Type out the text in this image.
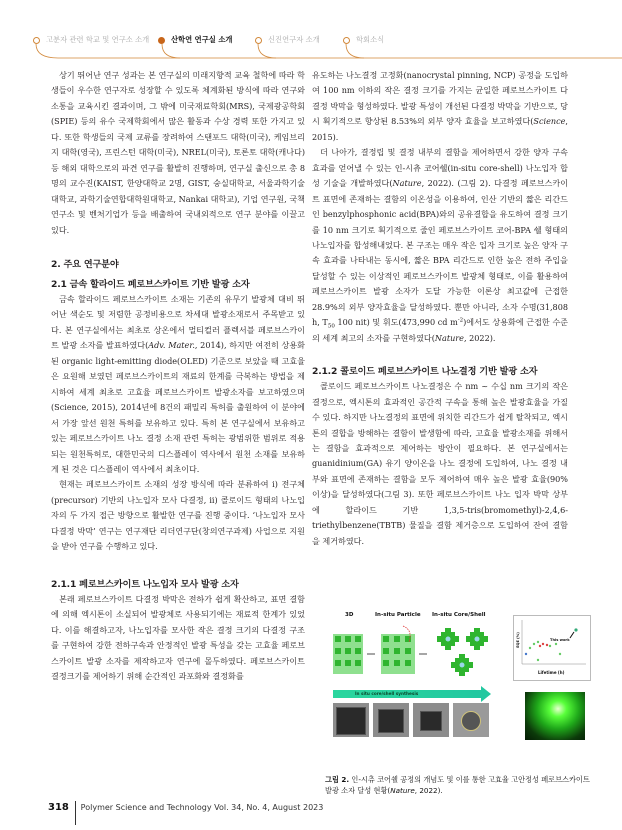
고분자 관련 학교 및 연구소 소개	산학연 연구실 소개	신진연구자 소개	학회소식

상기 뛰어난 연구 성과는 본 연구실의 미래지향적 교육 철학에 따라 학생들이 우수한 연구자로 성장할 수 있도록 체계화된 방식에 따라 연구와 소통을 교육시킨 결과이며, 그 밖에 미국재료학회(MRS), 국제광공학회(SPIE) 등의 유수 국제학회에서 많은 활동과 수상 경력 또한 가지고 있다. 또한 학생들의 국제 교류를 장려하여 스탠포드 대학(미국), 케임브리지 대학(영국), 프린스턴 대학(미국), NREL(미국), 토론토 대학(캐나다) 등 해외 대학으로의 파견 연구를 활발히 진행하며, 연구실 출신으로 총 8명의 교수진(KAIST, 한양대학교 2명, GIST, 숭실대학교, 서울과학기술대학교, 과학기술연합대학원대학교, Nankai 대학교), 기업 연구원, 국책연구소 및 벤처기업가 등을 배출하여 국내외적으로 연구 분야를 이끌고 있다.

2. 주요 연구분야
2.1 금속 할라이드 페로브스카이트 기반 발광 소자

금속 할라이드 페로브스카이트 소재는 기존의 유무기 발광체 대비 뛰어난 색순도 및 저렴한 공정비용으로 차세대 발광소재로서 주목받고 있다. 본 연구실에서는 최초로 상온에서 멀티컬러 플렉서블 페로브스카이트 발광 소자를 발표하였다(Adv. Mater., 2014), 하지만 여전히 상용화된 organic light-emitting diode(OLED) 기준으로 보았을 때 고효율은 요원해 보였던 페로브스카이트의 재료의 한계를 극복하는 방법을 제시하여 세계 최초로 고효율 페로브스카이트 발광소자를 보고하였으며(Science, 2015), 2014년에 8건의 패밀리 특허를 출원하여 이 분야에서 가장 앞선 원천 특허를 보유하고 있다. 특히 본 연구실에서 보유하고 있는 페로브스카이트 나노 결정 소재 관련 특허는 광범위한 범위로 적용되는 원천특허로, 대한민국의 디스플레이 역사에서 원천 소재를 보유하게 된 것은 디스플레이 역사에서 최초이다.

현재는 페로브스카이트 소재의 성장 방식에 따라 분류하여 i) 전구체(precursor) 기반의 나노입자 모사 다결정, ii) 콜로이드 형태의 나노입자의 두 가지 접근 방향으로 활발한 연구를 진행 중이다. ‘나노입자 모사 다결정 박막’ 연구는 연구재단 리더연구단(창의연구과제) 사업으로 지원을 받아 연구를 수행하고 있다.

2.1.1 페로브스카이트 나노입자 모사 발광 소자

본래 페로브스카이트 다결정 박막은 전하가 쉽게 확산하고, 표면 결함에 의해 엑시톤이 소실되어 발광체로 사용되기에는 재료적 한계가 있었다. 이를 해결하고자, 나노입자를 모사한 작은 결정 크기의 다결정 구조를 구현하여 강한 전하구속과 안정적인 발광 특성을 갖는 고효율 페로브스카이트 발광 소자를 제작하고자 연구에 몰두하였다. 페로브스카이트 결정크기를 제어하기 위해 순간적인 과포화와 결정화를

유도하는 나노결정 고정화(nanocrystal pinning, NCP) 공정을 도입하여 100 nm 이하의 작은 결정 크기를 가지는 균일한 페로브스카이트 다결정 박막을 형성하였다. 발광 특성이 개선된 다결정 박막을 기반으로, 당시 획기적으로 향상된 8.53%의 외부 양자 효율을 보고하였다(Science, 2015).

더 나아가, 결정립 및 결정 내부의 결함을 제어하면서 강한 양자 구속 효과를 얻어낼 수 있는 인-시츄 코어쉘(in-situ core-shell) 나노입자 합성 기술을 개발하였다(Nature, 2022). (그림 2). 다결정 페로브스카이트 표면에 존재하는 결함의 이온성을 이용하여, 인산 기반의 짧은 리간드인 benzylphosphonic acid(BPA)와의 공유결합을 유도하여 결정 크기를 10 nm 크기로 획기적으로 줄인 페로브스카이트 코어-BPA 쉘 형태의 나노입자를 합성해내었다. 본 구조는 매우 작은 입자 크기로 높은 양자 구속 효과를 나타내는 동시에, 짧은 BPA 리간드로 인한 높은 전하 주입을 달성할 수 있는 이상적인 페로브스카이트 발광체 형태로, 이를 활용하여 페로브스카이트 발광 소자가 도달 가능한 이론상 최고값에 근접한 28.9%의 외부 양자효율을 달성하였다. 뿐만 아니라, 소자 수명(31,808 h, $T_{50}$ 100 nit) 및 휘도(473,990 cd $m^{-2}$)에서도 상용화에 근접한 수준의 세계 최고의 소자를 구현하였다(Nature, 2022).

2.1.2 콜로이드 페로브스카이트 나노결정 기반 발광 소자

콜로이드 페로브스카이트 나노결정은 수 nm ~ 수십 nm 크기의 작은 결정으로, 엑시톤의 효과적인 공간적 구속을 통해 높은 발광효율을 가질 수 있다. 하지만 나노결정의 표면에 위치한 리간드가 쉽게 탈착되고, 엑시톤의 결합을 방해하는 결함이 발생함에 따라, 고효율 발광소재를 위해서는 결함을 효과적으로 제어하는 방안이 필요하다. 본 연구실에서는 guanidinium(GA) 유기 양이온을 나노 결정에 도입하여, 나노 결정 내부와 표면에 존재하는 결함을 모두 제어하여 매우 높은 발광 효율(90% 이상)을 달성하였다(그림 3). 또한 페로브스카이트 나노 입자 박막 상부에 할라이드 기반 1,3,5-tris(bromomethyl)-2,4,6-triethylbenzene(TBTB) 물질을 결함 제거층으로 도입하여 잔여 결함을 제거하였다.

3D	In-situ Particle In-situ Core/Shell
This work
Lifetime (h)
EQE (%)
In situ core/shell synthesis
그림 2. 인-시츄 코어쉘 공정의 개념도 및 이를 통한 고효율 고안정성 페로브스카이트 발광 소자 달성 현황(Nature, 2022).
318 Polymer Science and Technology Vol. 34, No. 4, August 2023
